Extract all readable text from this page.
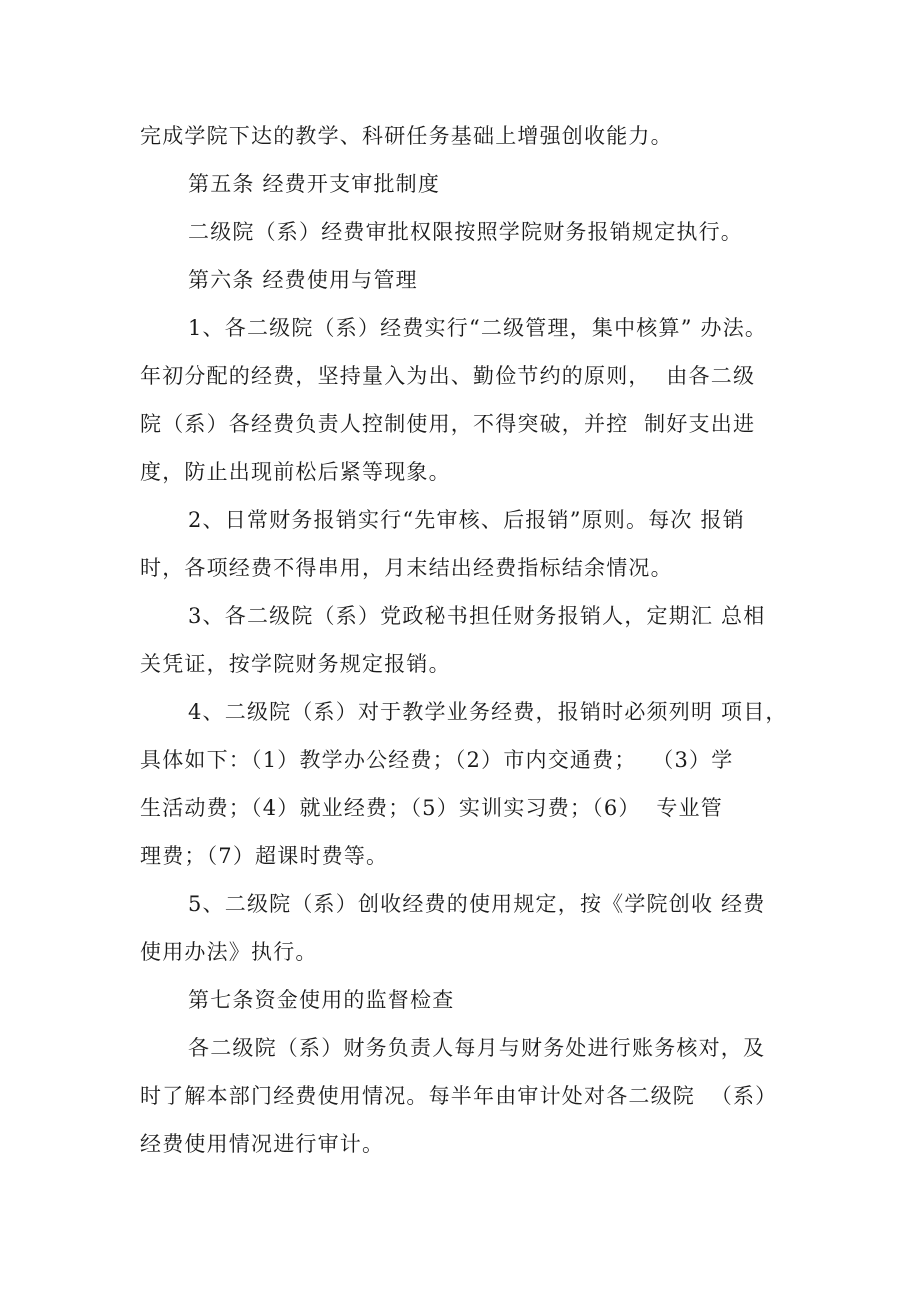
完成学院下达的教学、科研任务基础上增强创收能力。
第五条 经费开支审批制度
二级院（系）经费审批权限按照学院财务报销规定执行。
第六条 经费使用与管理
1、各二级院（系）经费实行“二级管理，集中核算” 办法。
年初分配的经费，坚持量入为出、勤俭节约的原则，  由各二级
院（系）各经费负责人控制使用，不得突破，并控  制好支出进
度，防止出现前松后紧等现象。
2、日常财务报销实行“先审核、后报销”原则。每次 报销
时，各项经费不得串用，月末结出经费指标结余情况。
3、各二级院（系）党政秘书担任财务报销人，定期汇 总相
关凭证，按学院财务规定报销。
4、二级院（系）对于教学业务经费，报销时必须列明 项目，
具体如下：（1）教学办公经费；（2）市内交通费；  （3）学
生活动费；（4）就业经费；（5）实训实习费；（6）  专业管
理费；（7）超课时费等。
5、二级院（系）创收经费的使用规定，按《学院创收 经费
使用办法》执行。
第七条资金使用的监督检查
各二级院（系）财务负责人每月与财务处进行账务核对，及
时了解本部门经费使用情况。每半年由审计处对各二级院  （系）
经费使用情况进行审计。
